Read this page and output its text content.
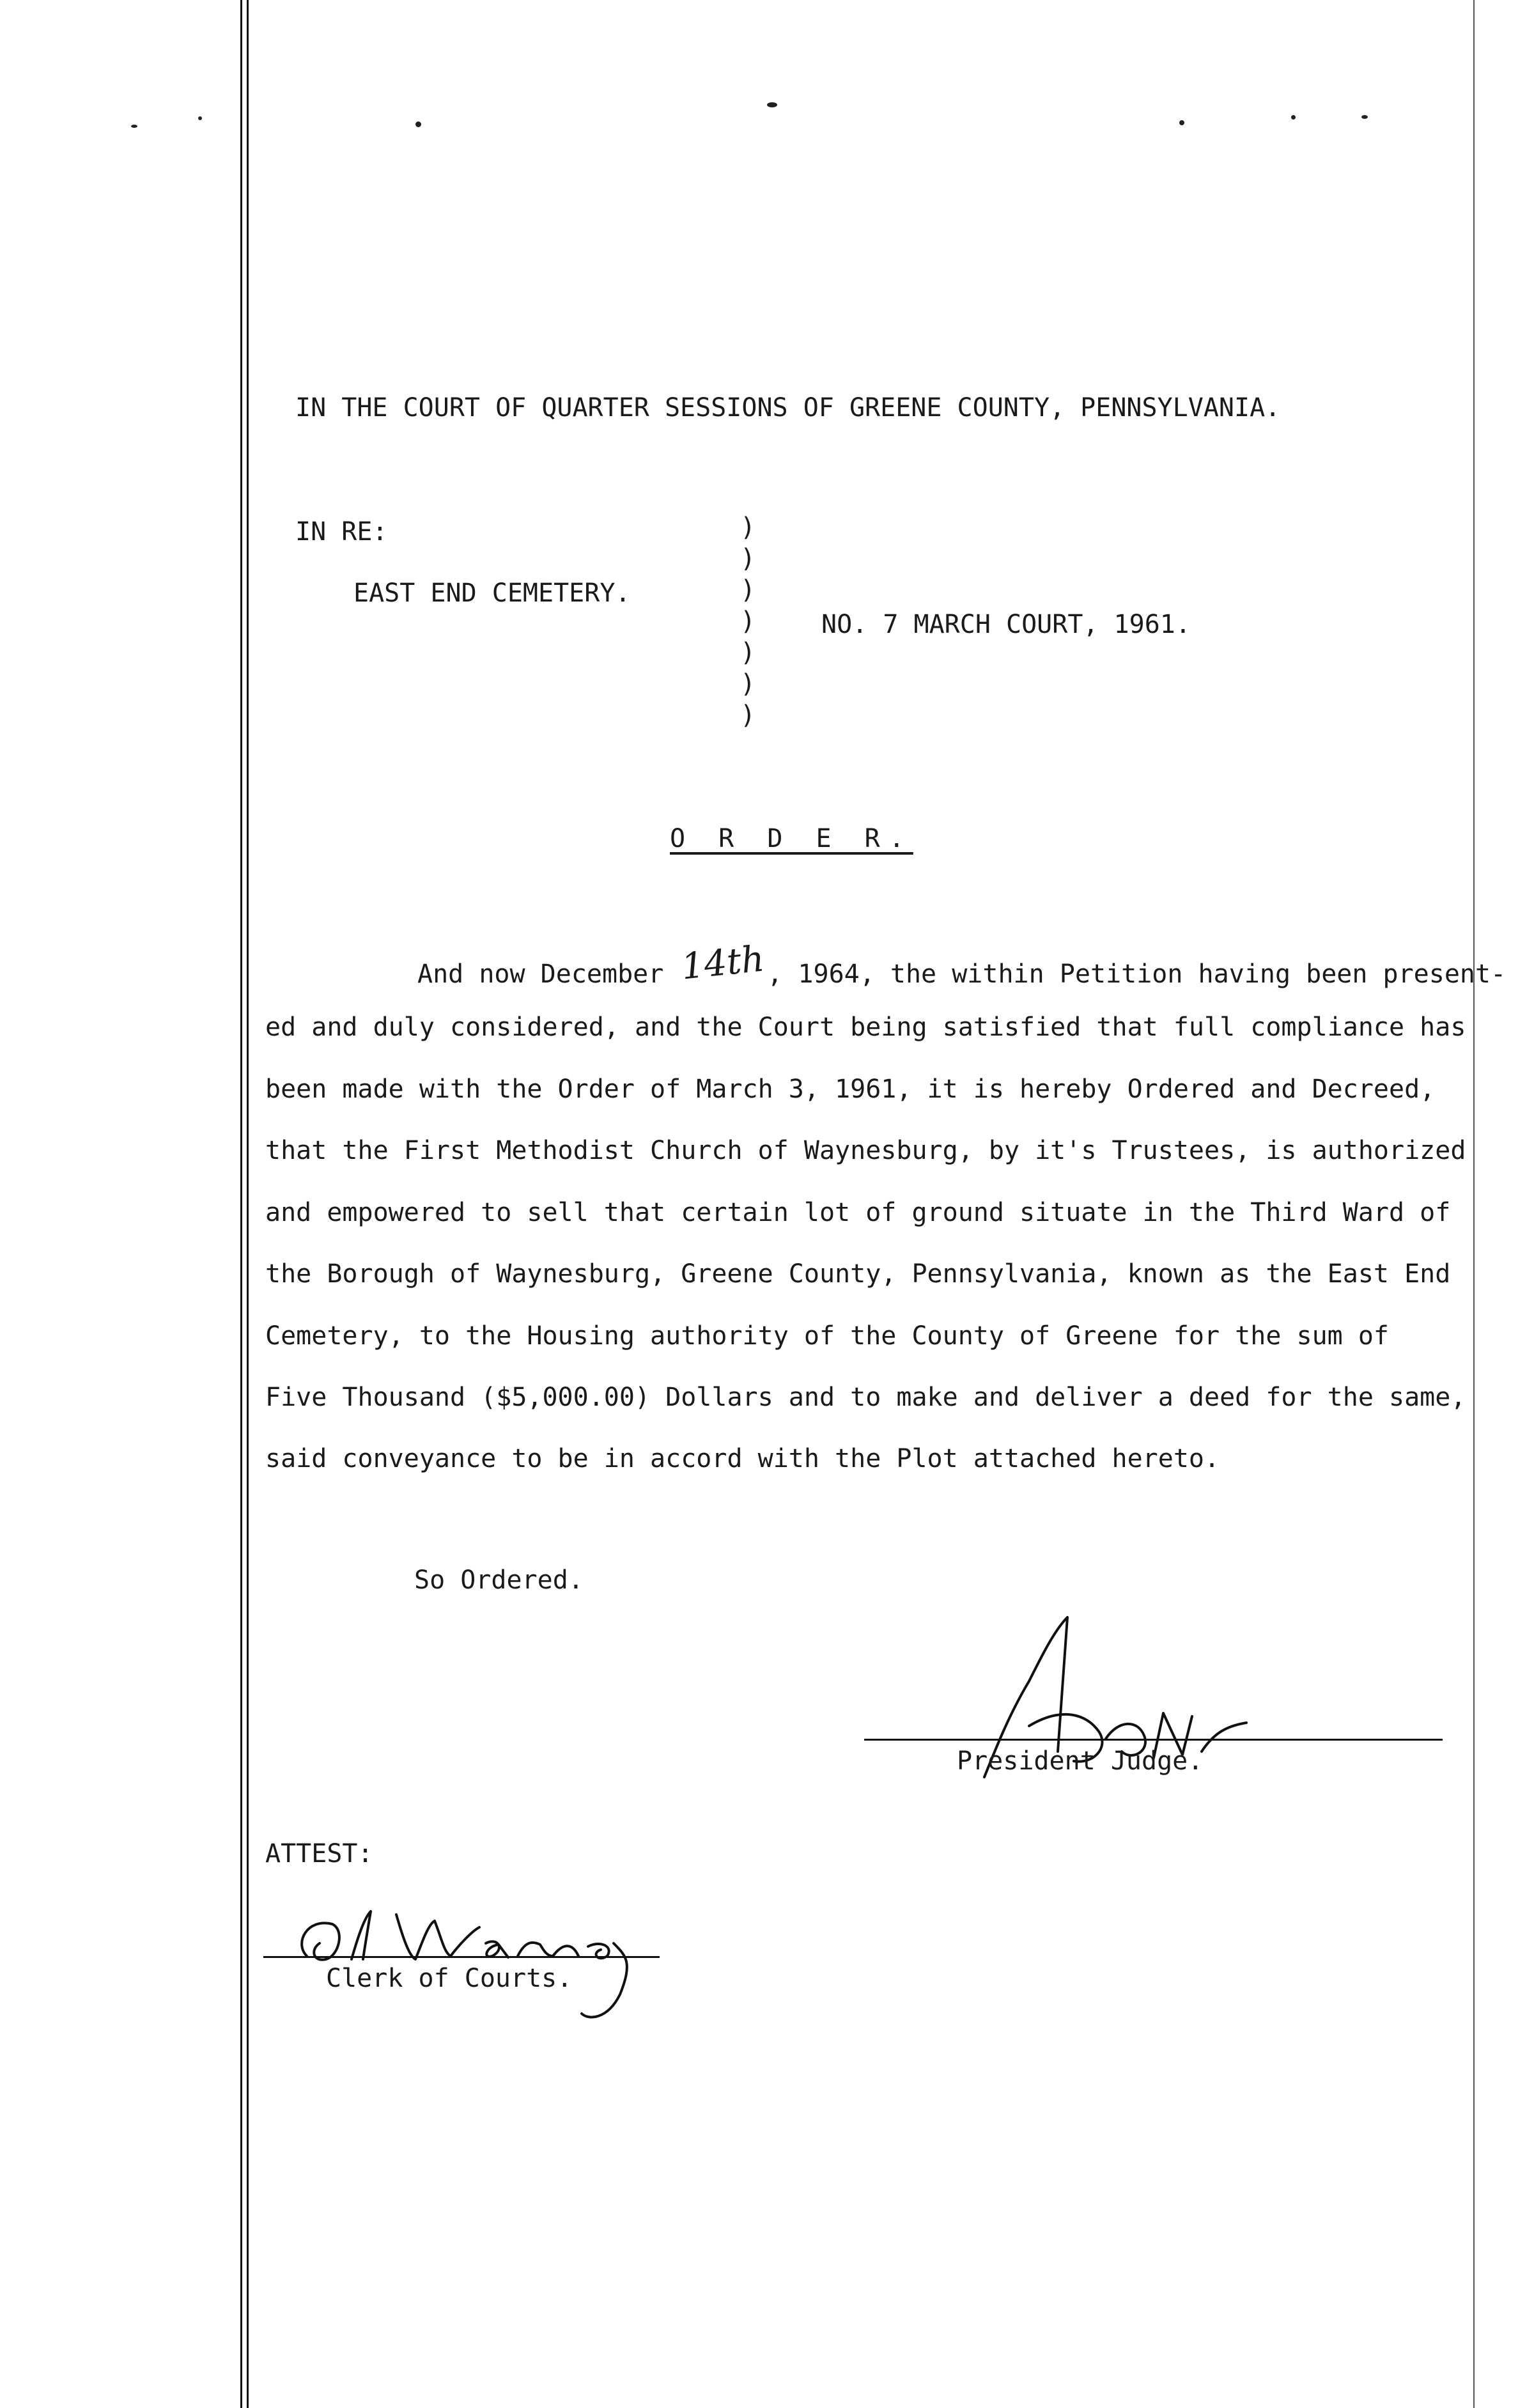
IN THE COURT OF QUARTER SESSIONS OF GREENE COUNTY, PENNSYLVANIA.
IN RE:
EAST END CEMETERY.
NO. 7 MARCH COURT, 1961.
)
)
)
)
)
)
)
O R D E R.
And now December 14th, 1964, the within Petition having been present-
ed and duly considered, and the Court being satisfied that full compliance has
been made with the Order of March 3, 1961, it is hereby Ordered and Decreed,
that the First Methodist Church of Waynesburg, by it's Trustees, is authorized
and empowered to sell that certain lot of ground situate in the Third Ward of
the Borough of Waynesburg, Greene County, Pennsylvania, known as the East End
Cemetery, to the Housing authority of the County of Greene for the sum of
Five Thousand ($5,000.00) Dollars and to make and deliver a deed for the same,
said conveyance to be in accord with the Plot attached hereto.
So Ordered.
President Judge.
ATTEST:
Clerk of Courts.
